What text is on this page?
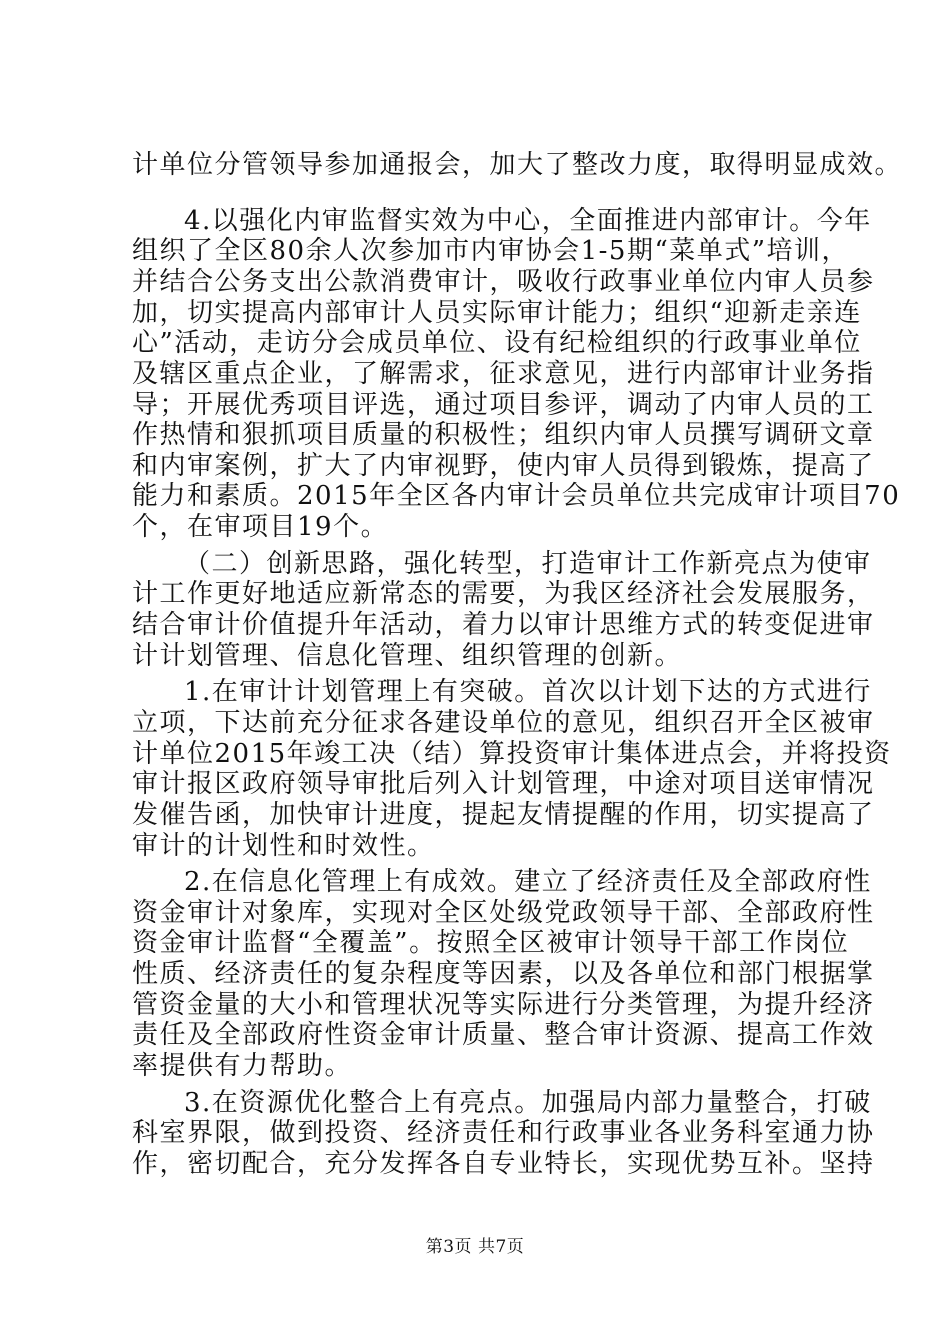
计单位分管领导参加通报会，加大了整改力度，取得明显成效。
4.以强化内审监督实效为中心，全面推进内部审计。今年
组织了全区80余人次参加市内审协会1-5期“菜单式”培训，
并结合公务支出公款消费审计，吸收行政事业单位内审人员参
加，切实提高内部审计人员实际审计能力；组织“迎新走亲连
心”活动，走访分会成员单位、设有纪检组织的行政事业单位
及辖区重点企业，了解需求，征求意见，进行内部审计业务指
导；开展优秀项目评选，通过项目参评，调动了内审人员的工
作热情和狠抓项目质量的积极性；组织内审人员撰写调研文章
和内审案例，扩大了内审视野，使内审人员得到锻炼，提高了
能力和素质。2015年全区各内审计会员单位共完成审计项目70
个，在审项目19个。
（二）创新思路，强化转型，打造审计工作新亮点为使审
计工作更好地适应新常态的需要，为我区经济社会发展服务，
结合审计价值提升年活动，着力以审计思维方式的转变促进审
计计划管理、信息化管理、组织管理的创新。
1.在审计计划管理上有突破。首次以计划下达的方式进行
立项，下达前充分征求各建设单位的意见，组织召开全区被审
计单位2015年竣工决（结）算投资审计集体进点会，并将投资
审计报区政府领导审批后列入计划管理，中途对项目送审情况
发催告函，加快审计进度，提起友情提醒的作用，切实提高了
审计的计划性和时效性。
2.在信息化管理上有成效。建立了经济责任及全部政府性
资金审计对象库，实现对全区处级党政领导干部、全部政府性
资金审计监督“全覆盖”。按照全区被审计领导干部工作岗位
性质、经济责任的复杂程度等因素，以及各单位和部门根据掌
管资金量的大小和管理状况等实际进行分类管理，为提升经济
责任及全部政府性资金审计质量、整合审计资源、提高工作效
率提供有力帮助。
3.在资源优化整合上有亮点。加强局内部力量整合，打破
科室界限，做到投资、经济责任和行政事业各业务科室通力协
作，密切配合，充分发挥各自专业特长，实现优势互补。坚持
第3页 共7页
